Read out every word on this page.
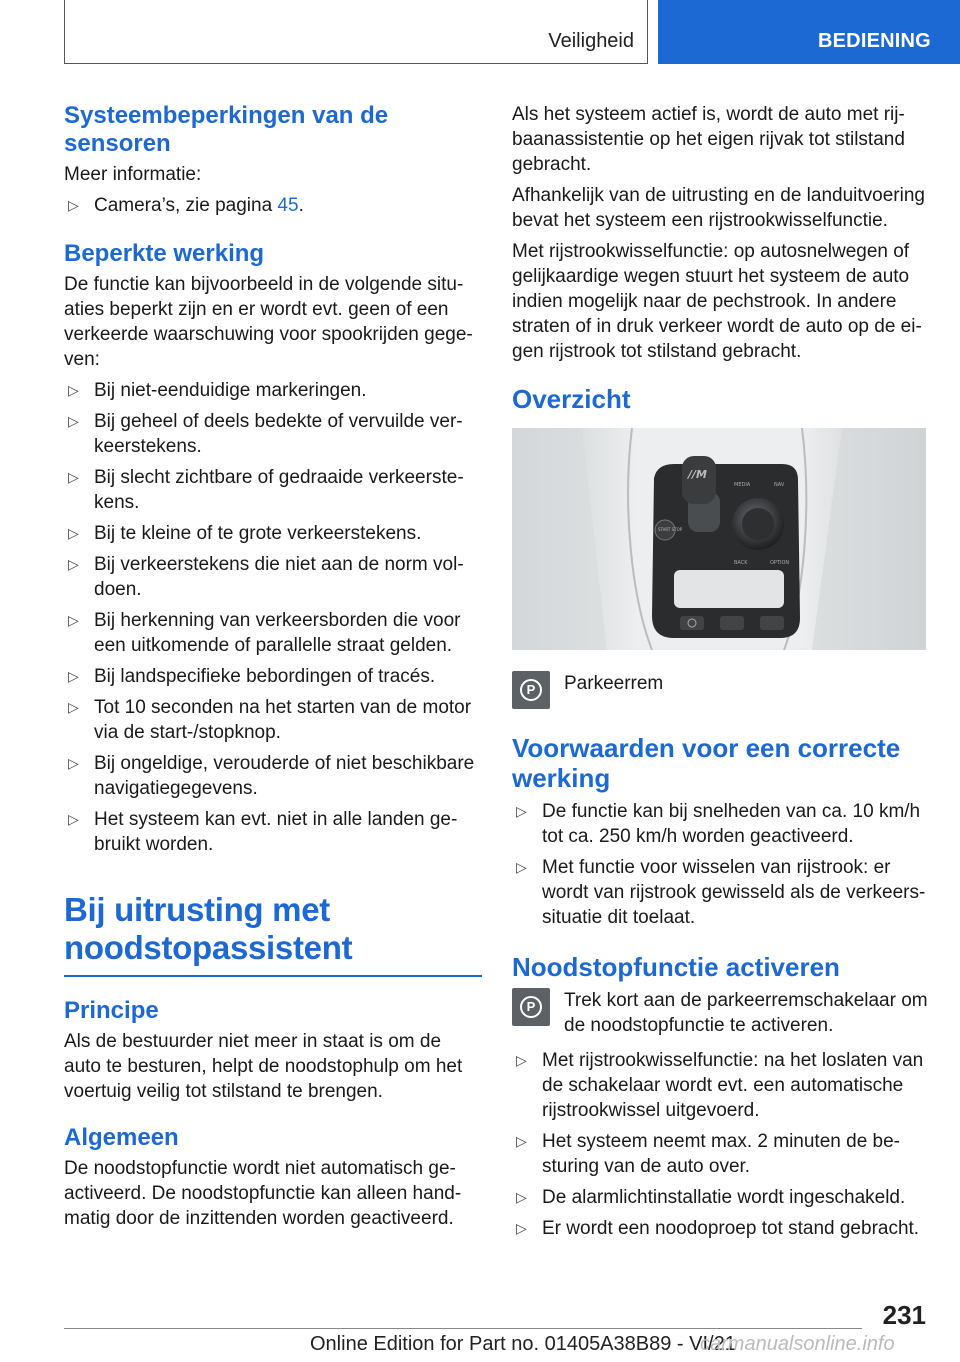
Veiligheid	BEDIENING
Systeembeperkingen van de sensoren

Meer informatie:

▷ Camera’s, zie pagina 45.
Beperkte werking

De functie kan bijvoorbeeld in de volgende situaties beperkt zijn en er wordt evt. geen of een verkeerde waarschuwing voor spookrijden gegeven:

▷ Bij niet-eenduidige markeringen.
▷ Bij geheel of deels bedekte of vervuilde verkeerstekens.
▷ Bij slecht zichtbare of gedraaide verkeerstekens.
▷ Bij te kleine of te grote verkeerstekens.
▷ Bij verkeerstekens die niet aan de norm voldoen.
▷ Bij herkenning van verkeersborden die voor een uitkomende of parallelle straat gelden.
▷ Bij landspecifieke bebordingen of tracés.
▷ Tot 10 seconden na het starten van de motor via de start-/stopknop.
▷ Bij ongeldige, verouderde of niet beschikbare navigatiegegevens.
▷ Het systeem kan evt. niet in alle landen gebruikt worden.
Bij uitrusting met noodstopassistent
Principe

Als de bestuurder niet meer in staat is om de auto te besturen, helpt de noodstophulp om het voertuig veilig tot stilstand te brengen.

Algemeen

De noodstopfunctie wordt niet automatisch geactiveerd. De noodstopfunctie kan alleen handmatig door de inzittenden worden geactiveerd.

Als het systeem actief is, wordt de auto met rijbaanassistentie op het eigen rijvak tot stilstand gebracht.

Afhankelijk van de uitrusting en de landuitvoering bevat het systeem een rijstrookwisselfunctie.

Met rijstrookwisselfunctie: op autosnelwegen of gelijkaardige wegen stuurt het systeem de auto indien mogelijk naar de pechstrook. In andere straten of in druk verkeer wordt de auto op de eigen rijstrook tot stilstand gebracht.

Overzicht
//M
MEDIA	NAV
BACK	OPTION
START STOP
P	Parkeerrem

Voorwaarden voor een correcte werking
▷ De functie kan bij snelheden van ca. 10 km/h tot ca. 250 km/h worden geactiveerd.
▷ Met functie voor wisselen van rijstrook: er wordt van rijstrook gewisseld als de verkeerssituatie dit toelaat.
Noodstopfunctie activeren
P	Trek kort aan de parkeerremschakelaar om de noodstopfunctie te activeren.

▷ Met rijstrookwisselfunctie: na het loslaten van de schakelaar wordt evt. een automatische rijstrookwissel uitgevoerd.
▷ Het systeem neemt max. 2 minuten de besturing van de auto over.
▷ De alarmlichtinstallatie wordt ingeschakeld.
▷ Er wordt een noodoproep tot stand gebracht.
231
Online Edition for Part no. 01405A38B89 - VI/21
carmanualsonline.info
